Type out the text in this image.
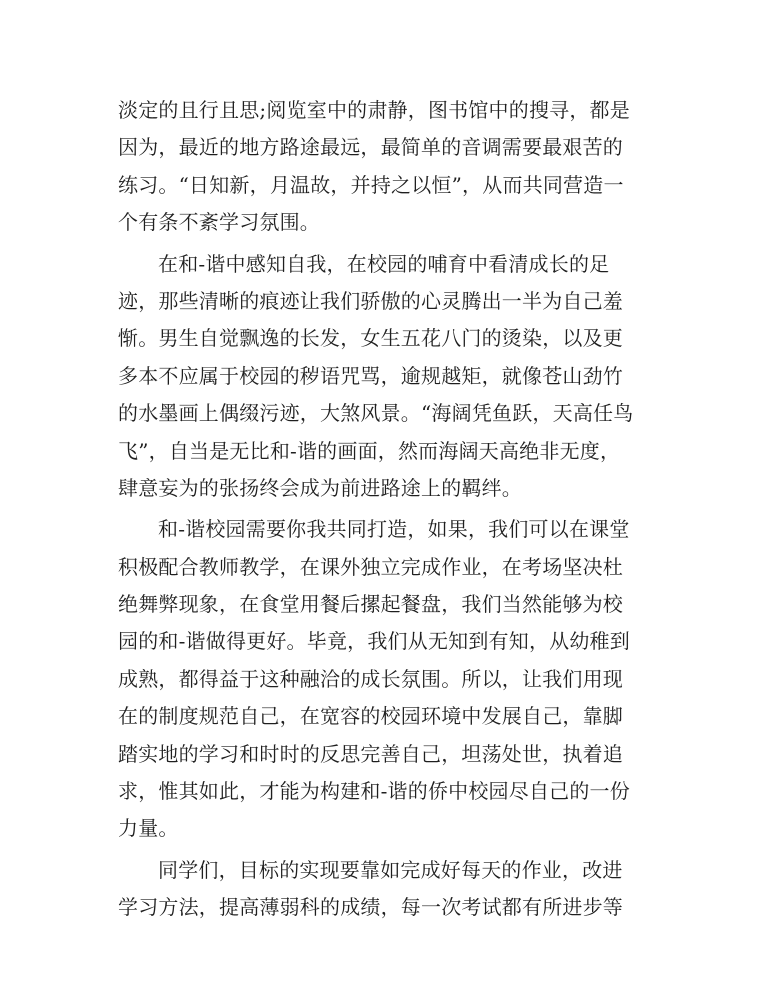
淡定的且行且思;阅览室中的肃静，图书馆中的搜寻，都是
因为，最近的地方路途最远，最简单的音调需要最艰苦的
练习。“日知新，月温故，并持之以恒”，从而共同营造一
个有条不紊学习氛围。
在和-谐中感知自我，在校园的哺育中看清成长的足
迹，那些清晰的痕迹让我们骄傲的心灵腾出一半为自己羞
惭。男生自觉飘逸的长发，女生五花八门的烫染，以及更
多本不应属于校园的秽语咒骂，逾规越矩，就像苍山劲竹
的水墨画上偶缀污迹，大煞风景。“海阔凭鱼跃，天高任鸟
飞”，自当是无比和-谐的画面，然而海阔天高绝非无度，
肆意妄为的张扬终会成为前进路途上的羁绊。
和-谐校园需要你我共同打造，如果，我们可以在课堂
积极配合教师教学，在课外独立完成作业，在考场坚决杜
绝舞弊现象，在食堂用餐后摞起餐盘，我们当然能够为校
园的和-谐做得更好。毕竟，我们从无知到有知，从幼稚到
成熟，都得益于这种融洽的成长氛围。所以，让我们用现
在的制度规范自己，在宽容的校园环境中发展自己，靠脚
踏实地的学习和时时的反思完善自己，坦荡处世，执着追
求，惟其如此，才能为构建和-谐的侨中校园尽自己的一份
力量。
同学们，目标的实现要靠如完成好每天的作业，改进
学习方法，提高薄弱科的成绩，每一次考试都有所进步等
